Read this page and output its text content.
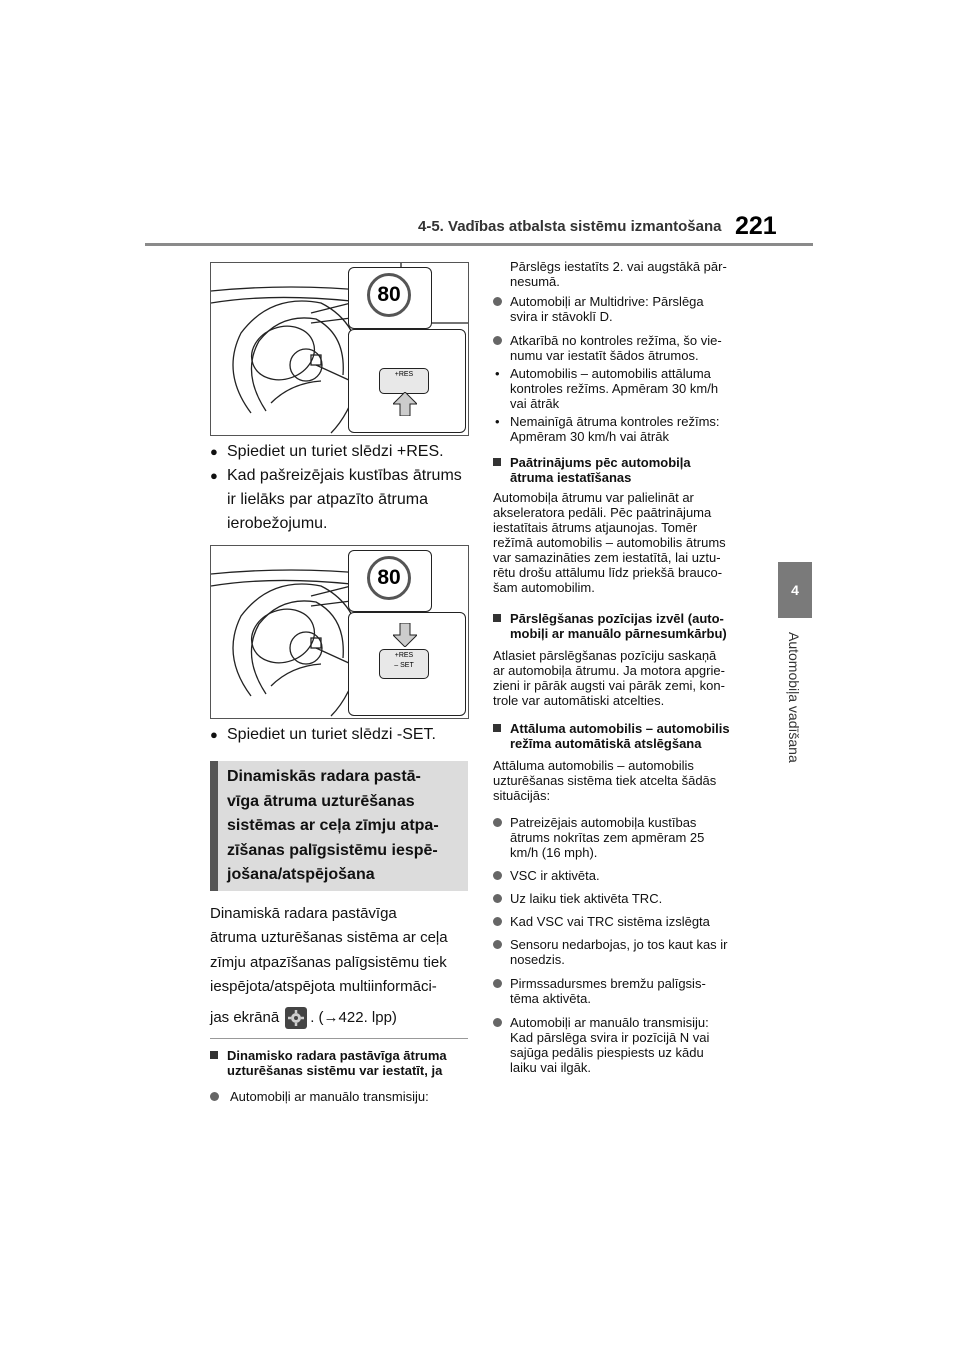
4-5. Vadības atbalsta sistēmu izmantošana 221
4
Automobiļa vadīšana
80
+RES
● Spiediet un turiet slēdzi +RES.
● Kad pašreizējais kustības ātrums
ir lielāks par atpazīto ātruma
ierobežojumu.
80
+RES
– SET
● Spiediet un turiet slēdzi -SET.
Dinamiskās radara pastā-
vīga ātruma uzturēšanas
sistēmas ar ceļa zīmju atpa-
zīšanas palīgsistēmu iespē-
jošana/atspējošana
Dinamiskā radara pastāvīga
ātruma uzturēšanas sistēma ar ceļa
zīmju atpazīšanas palīgsistēmu tiek
iespējota/atspējota multiinformāci-
jas ekrānā . (→422. lpp)
Dinamisko radara pastāvīga ātruma
uzturēšanas sistēmu var iestatīt, ja
Automobiļi ar manuālo transmisiju:
Pārslēgs iestatīts 2. vai augstākā pār-
nesumā.
Automobiļi ar Multidrive: Pārslēga
svira ir stāvoklī D.
Atkarībā no kontroles režīma, šo vie-
numu var iestatīt šādos ātrumos.
• Automobilis – automobilis attāluma
kontroles režīms. Apmēram 30 km/h
vai ātrāk
• Nemainīgā ātruma kontroles režīms:
Apmēram 30 km/h vai ātrāk
Paātrinājums pēc automobiļa
ātruma iestatīšanas
Automobiļa ātrumu var palielināt ar
akseleratora pedāli. Pēc paātrinājuma
iestatītais ātrums atjaunojas. Tomēr
režīmā automobilis – automobilis ātrums
var samazināties zem iestatītā, lai uztu-
rētu drošu attālumu līdz priekšā brauco-
šam automobilim.
Pārslēgšanas pozīcijas izvēl (auto-
mobiļi ar manuālo pārnesumkārbu)
Atlasiet pārslēgšanas pozīciju saskaņā
ar automobiļa ātrumu. Ja motora apgrie-
zieni ir pārāk augsti vai pārāk zemi, kon-
trole var automātiski atcelties.
Attāluma automobilis – automobilis
režīma automātiskā atslēgšana
Attāluma automobilis – automobilis
uzturēšanas sistēma tiek atcelta šādās
situācijās:
Patreizējais automobiļa kustības
ātrums nokrītas zem apmēram 25
km/h (16 mph).
VSC ir aktivēta.
Uz laiku tiek aktivēta TRC.
Kad VSC vai TRC sistēma izslēgta
Sensoru nedarbojas, jo tos kaut kas ir
nosedzis.
Pirmssadursmes bremžu palīgsis-
tēma aktivēta.
Automobiļi ar manuālo transmisiju:
Kad pārslēga svira ir pozīcijā N vai
sajūga pedālis piespiests uz kādu
laiku vai ilgāk.
